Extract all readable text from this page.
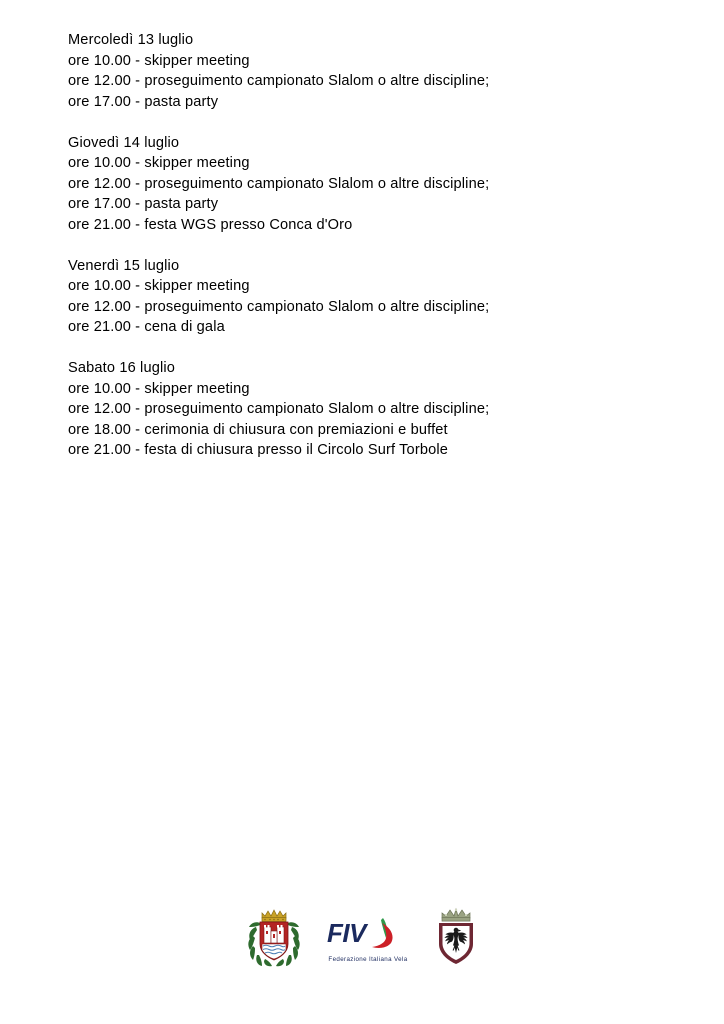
Mercoledì 13 luglio
ore 10.00 - skipper meeting
ore 12.00 - proseguimento campionato Slalom o altre discipline;
ore 17.00 - pasta party
Giovedì 14 luglio
ore 10.00 - skipper meeting
ore 12.00 - proseguimento campionato Slalom o altre discipline;
ore 17.00 - pasta party
ore 21.00 - festa WGS presso Conca d'Oro
Venerdì 15 luglio
ore 10.00 - skipper meeting
ore 12.00 - proseguimento campionato Slalom o altre discipline;
ore 21.00 - cena di gala
Sabato 16 luglio
ore 10.00 - skipper meeting
ore 12.00 - proseguimento campionato Slalom o altre discipline;
ore 18.00 - cerimonia di chiusura con premiazioni e buffet
ore 21.00 - festa di chiusura presso il Circolo Surf Torbole
FIV
Federazione Italiana Vela
